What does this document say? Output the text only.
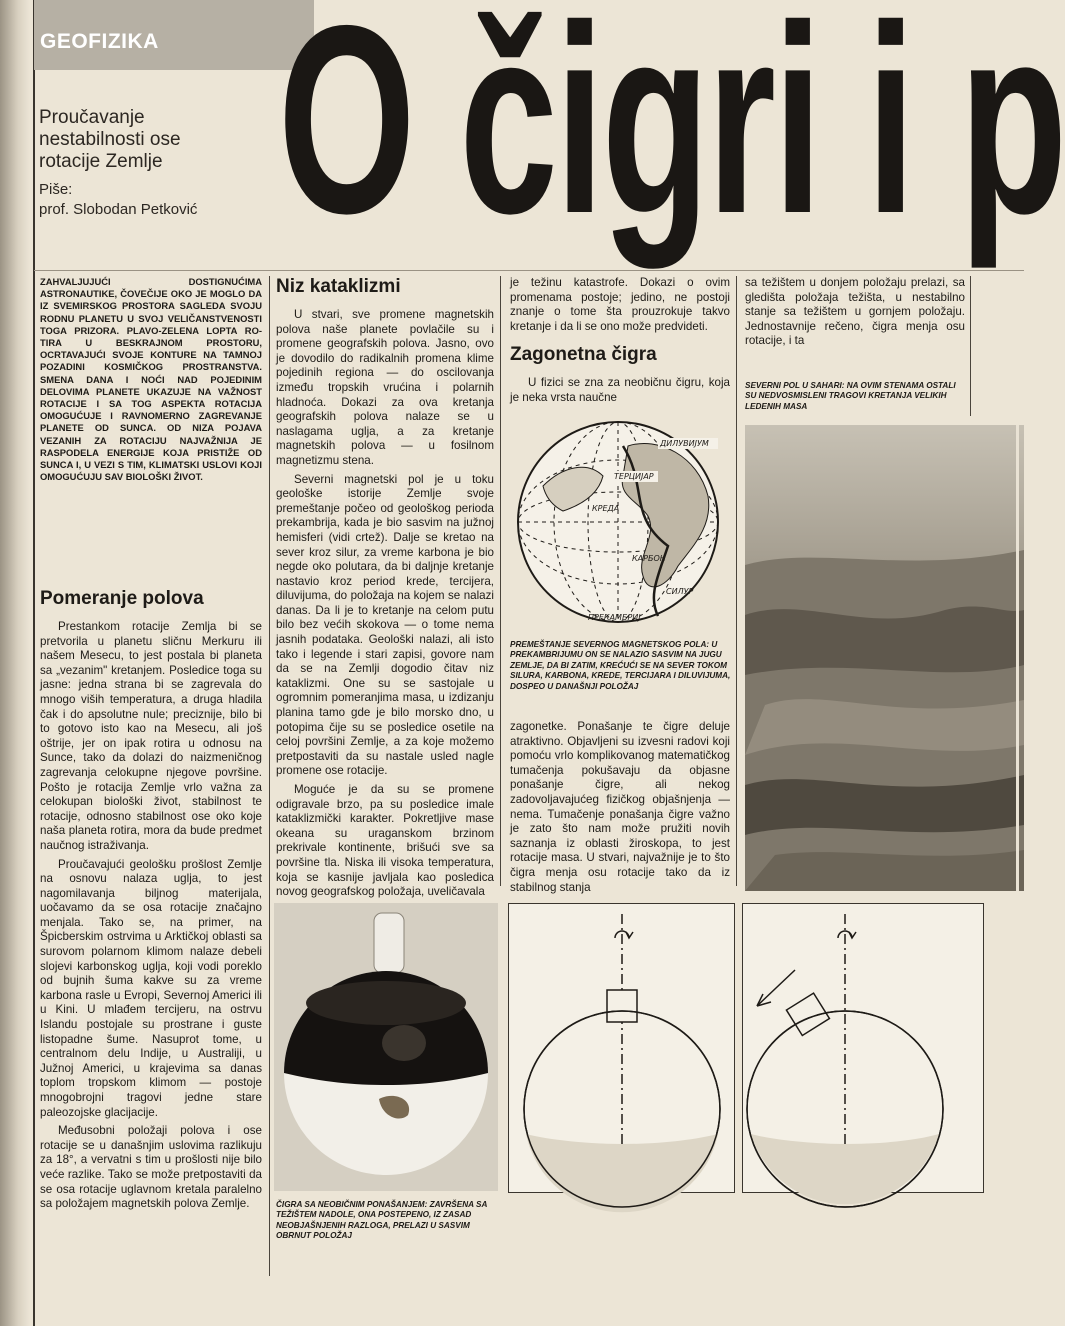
GEOFIZIKA
Proučavanje
nestabilnosti ose
rotacije Zemlje
Piše:
prof. Slobodan Petković O čigri i p
ZAHVALJUJUĆI DOSTIGNUĆIMA ASTRONAUTIKE, ČOVEČIJE OKO JE MOGLO DA IZ SVEMIRSKOG PROSTORA SAGLEDA SVOJU RODNU PLANETU U SVOJ VELIČANSTVENOSTI TOGA PRIZORA. PLAVO-ZELENA LOPTA RO-TIRA U BESKRAJNOM PROSTORU, OCRTAVAJUĆI SVOJE KONTURE NA TAMNOJ POZADINI KOSMIČKOG PROSTRANSTVA. SMENA DANA I NOĆI NAD POJEDINIM DELOVIMA PLANETE UKAZUJE NA VAŽNOST ROTACIJE I SA TOG ASPEKTA ROTACIJA OMOGUĆUJE I RAVNOMERNO ZAGREVANJE PLANETE OD SUNCA. OD NIZA POJAVA VEZANIH ZA ROTACIJU NAJVAŽNIJA JE RASPODELA ENERGIJE KOJA PRISTIŽE OD SUNCA I, U VEZI S TIM, KLIMATSKI USLOVI KOJI OMOGUĆUJU SAV BIOLOŠKI ŽIVOT.
Pomeranje polova

Prestankom rotacije Zemlja bi se pretvorila u planetu sličnu Merkuru ili našem Mesecu, to jest postala bi planeta sa „vezanim" kretanjem. Posledice toga su jasne: jedna strana bi se zagrevala do mnogo viših temperatura, a druga hladila čak i do apsolutne nule; preciznije, bilo bi to gotovo isto kao na Mesecu, ali još oštrije, jer on ipak rotira u odnosu na Sunce, tako da dolazi do naizmeničnog zagrevanja celokupne njegove površine. Pošto je rotacija Zemlje vrlo važna za celokupan biološki život, stabilnost te rotacije, odnosno stabilnost ose oko koje naša planeta rotira, mora da bude predmet naučnog istraživanja.

Proučavajući geološku prošlost Zemlje na osnovu nalaza uglja, to jest nagomilavanja biljnog materijala, uočavamo da se osa rotacije značajno menjala. Tako se, na primer, na Špicberskim ostrvima u Arktičkoj oblasti sa surovom polarnom klimom nalaze debeli slojevi karbonskog uglja, koji vodi poreklo od bujnih šuma kakve su za vreme karbona rasle u Evropi, Severnoj Americi ili u Kini. U mlađem tercijeru, na ostrvu Islandu postojale su prostrane i guste listopadne šume. Nasuprot tome, u centralnom delu Indije, u Australiji, u Južnoj Americi, u krajevima sa danas toplom tropskom klimom — postoje mnogobrojni tragovi jedne stare paleozojske glacijacije.

Međusobni položaji polova i ose rotacije se u današnjim uslovima razlikuju za 18°, a vervatni s tim u prošlosti nije bilo veće razlike. Tako se može pretpostaviti da se osa rotacije uglavnom kretala paralelno sa položajem magnetskih polova Zemlje.

Niz kataklizmi

U stvari, sve promene magnetskih polova naše planete povlačile su i promene geografskih polova. Jasno, ovo je dovodilo do radikalnih promena klime pojedinih regiona — do oscilovanja između tropskih vrućina i polarnih hladnoća. Dokazi za ova kretanja geografskih polova nalaze se u naslagama uglja, a za kretanje magnetskih polova — u fosilnom magnetizmu stena.

Severni magnetski pol je u toku geološke istorije Zemlje svoje premeštanje počeo od geološkog perioda prekambrija, kada je bio sasvim na južnoj hemisferi (vidi crtež). Dalje se kretao na sever kroz silur, za vreme karbona je bio negde oko polutara, da bi daljnje kretanje nastavio kroz period krede, tercijera, diluvijuma, do položaja na kojem se nalazi danas. Da li je to kretanje na celom putu bilo bez većih skokova — o tome nema jasnih podataka. Geološki nalazi, ali isto tako i legende i stari zapisi, govore nam da se na Zemlji dogodio čitav niz kataklizmi. One su se sastojale u ogromnim pomeranjima masa, u izdizanju planina tamo gde je bilo morsko dno, u potopima čije su se posledice osetile na celoj površini Zemlje, a za koje možemo pretpostaviti da su nastale usled nagle promene ose rotacije.

Moguće je da su se promene odigravale brzo, pa su posledice imale kataklizmički karakter. Pokretljive mase okeana su uraganskom brzinom prekrivale kontinente, brišući sve sa površine tla. Niska ili visoka temperatura, koja se kasnije javljala kao posledica novog geografskog položaja, uveličavala

je težinu katastrofe. Dokazi o ovim promenama postoje; jedino, ne postoji znanje o tome šta prouzrokuje takvo kretanje i da li se ono može predvideti.

Zagonetna čigra

U fizici se zna za neobičnu čigru, koja je neka vrsta naučne

ДИЛУВИЈУМ
ТЕРЦИЈАР
КРЕДА
КАРБОН
СИЛУР
ПРЕКАМБРИЈ
PREMEŠTANJE SEVERNOG MAGNETSKOG POLA: U PREKAMBRIJUMU ON SE NALAZIO SASVIM NA JUGU ZEMLJE, DA BI ZATIM, KREĆUĆI SE NA SEVER TOKOM SILURA, KARBONA, KREDE, TERCIJARA I DILUVIJUMA, DOSPEO U DANAŠNJI POLOŽAJ

zagonetke. Ponašanje te čigre deluje atraktivno. Objavljeni su izvesni radovi koji pomoću vrlo komplikovanog matematičkog tumačenja pokušavaju da objasne ponašanje čigre, ali nekog zadovoljavajućeg fizičkog objašnjenja — nema. Tumačenje ponašanja čigre važno je zato što nam može pružiti novih saznanja iz oblasti žiroskopa, to jest rotacije masa. U stvari, najvažnije je to što čigra menja osu rotacije tako da iz stabilnog stanja

sa težištem u donjem položaju prelazi, sa gledišta položaja težišta, u nestabilno stanje sa težištem u gornjem položaju. Jednostavnije rečeno, čigra menja osu rotacije, i ta

SEVERNI POL U SAHARI: NA OVIM STENAMA OSTALI SU NEDVOSMISLENI TRAGOVI KRETANJA VELIKIH LEDENIH MASA
ČIGRA SA NEOBIČNIM PONAŠANJEM: ZAVRŠENA SA TEŽIŠTEM NADOLE, ONA POSTEPENO, IZ ZASAD NEOBJAŠNJENIH RAZLOGA, PRELAZI U SASVIM OBRNUT POLOŽAJ
